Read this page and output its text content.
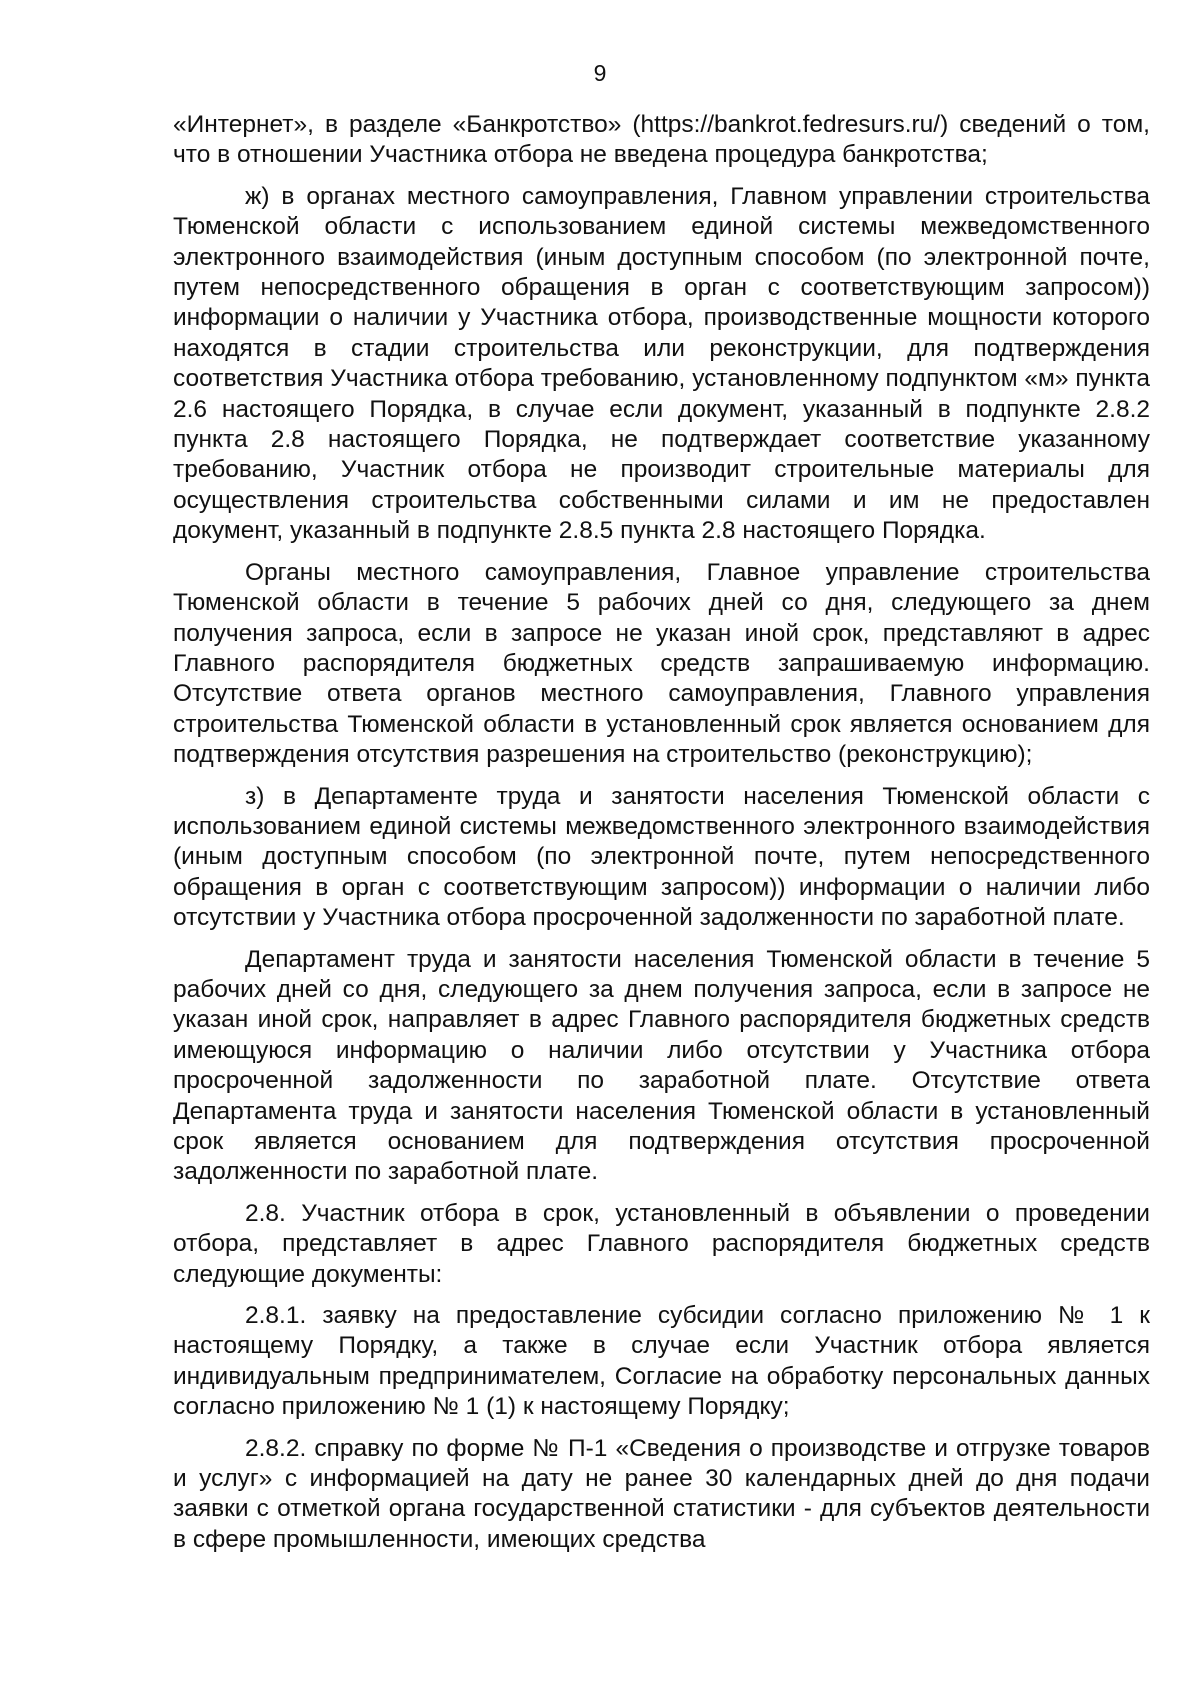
9

«Интернет», в разделе «Банкротство» (https://bankrot.fedresurs.ru/) сведений о том, что в отношении Участника отбора не введена процедура банкротства;

ж) в органах местного самоуправления, Главном управлении строительства Тюменской области с использованием единой системы межведомственного электронного взаимодействия (иным доступным способом (по электронной почте, путем непосредственного обращения в орган с соответствующим запросом)) информации о наличии у Участника отбора, производственные мощности которого находятся в стадии строительства или реконструкции, для подтверждения соответствия Участника отбора требованию, установленному подпунктом «м» пункта 2.6 настоящего Порядка, в случае если документ, указанный в подпункте 2.8.2 пункта 2.8 настоящего Порядка, не подтверждает соответствие указанному требованию, Участник отбора не производит строительные материалы для осуществления строительства собственными силами и им не предоставлен документ, указанный в подпункте 2.8.5 пункта 2.8 настоящего Порядка.

Органы местного самоуправления, Главное управление строительства Тюменской области в течение 5 рабочих дней со дня, следующего за днем получения запроса, если в запросе не указан иной срок, представляют в адрес Главного распорядителя бюджетных средств запрашиваемую информацию. Отсутствие ответа органов местного самоуправления, Главного управления строительства Тюменской области в установленный срок является основанием для подтверждения отсутствия разрешения на строительство (реконструкцию);

з) в Департаменте труда и занятости населения Тюменской области с использованием единой системы межведомственного электронного взаимодействия (иным доступным способом (по электронной почте, путем непосредственного обращения в орган с соответствующим запросом)) информации о наличии либо отсутствии у Участника отбора просроченной задолженности по заработной плате.

Департамент труда и занятости населения Тюменской области в течение 5 рабочих дней со дня, следующего за днем получения запроса, если в запросе не указан иной срок, направляет в адрес Главного распорядителя бюджетных средств имеющуюся информацию о наличии либо отсутствии у Участника отбора просроченной задолженности по заработной плате. Отсутствие ответа Департамента труда и занятости населения Тюменской области в установленный срок является основанием для подтверждения отсутствия просроченной задолженности по заработной плате.

2.8. Участник отбора в срок, установленный в объявлении о проведении отбора, представляет в адрес Главного распорядителя бюджетных средств следующие документы:

2.8.1. заявку на предоставление субсидии согласно приложению № 1 к настоящему Порядку, а также в случае если Участник отбора является индивидуальным предпринимателем, Согласие на обработку персональных данных согласно приложению № 1 (1) к настоящему Порядку;

2.8.2. справку по форме № П-1 «Сведения о производстве и отгрузке товаров и услуг» с информацией на дату не ранее 30 календарных дней до дня подачи заявки с отметкой органа государственной статистики - для субъектов деятельности в сфере промышленности, имеющих средства
